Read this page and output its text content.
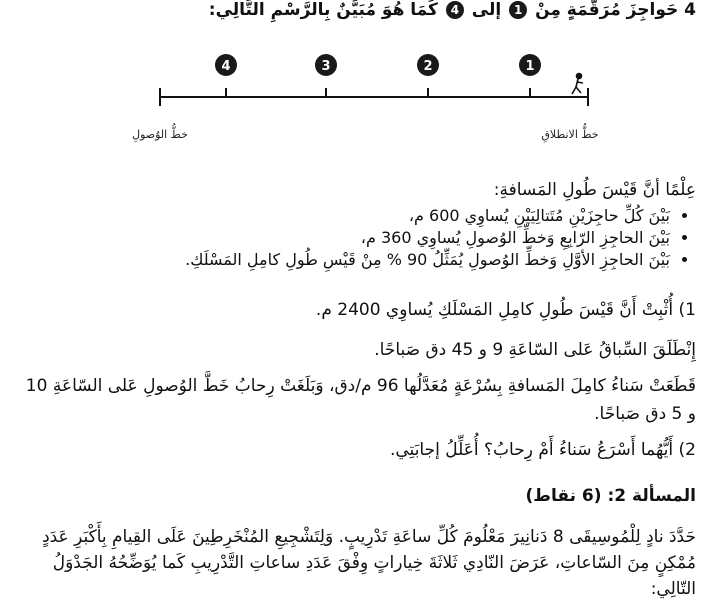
4 حَواجِزَ مُرَقَّمَةٍ مِنْ 1 إلى 4 كَمَا هُوَ مُبَيَّنٌ بِالرَّسْمِ التَّالِي:
4	3	2	1
خطُّ الوُصولِ	خطُّ الانطلاقِ
عِلْمًا أنَّ قَيْسَ طُولِ المَسافةِ:
• بَيْنَ كُلِّ حاجِزَيْنِ مُتَتالِيَيْنِ يُساوِي 600 م،
• بَيْنَ الحاجِزِ الرّابِعِ وَخطِّ الوُصولِ يُساوِي 360 م،
• بَيْنَ الحاجِزِ الأوَّلِ وَخطِّ الوُصولِ يُمَثِّلُ 90 % مِنْ قَيْسِ طُولِ كامِلِ المَسْلَكِ.
1) أُثْبِتْ أَنَّ قَيْسَ طُولِ كامِلِ المَسْلَكِ يُساوِي 2400 م.
إِنْطَلَقَ السِّباقُ عَلى السّاعَةِ 9 و 45 دق صَباحًا.
قَطَعَتْ سَناءُ كامِلَ المَسافةِ بِسُرْعَةٍ مُعَدَّلُها 96 م/دق، وَبَلَغَتْ رِحابُ خَطَّ الوُصولِ عَلى السّاعَةِ 10 و 5 دق صَباحًا.
2) أَيُّهُما أَسْرَعُ سَناءُ أَمْ رِحابُ؟ أُعَلِّلُ إجابَتِي.
المسألة 2: (6 نقاط)
حَدَّدَ نادٍ لِلْمُوسِيقَى 8 دَنانِيرَ مَعْلُومَ كُلِّ ساعَةِ تَدْرِيبٍ. وَلِتَشْجِيعِ المُنْخَرِطِينَ عَلَى القِيامِ بِأَكْبَرِ عَدَدٍ مُمْكِنٍ مِنَ السّاعاتِ، عَرَضَ النّادِي ثَلاثَةَ خِياراتٍ وِفْقَ عَدَدِ ساعاتِ التَّدْرِيبِ كَما يُوَضِّحُهُ الجَدْوَلُ التّالِي:
